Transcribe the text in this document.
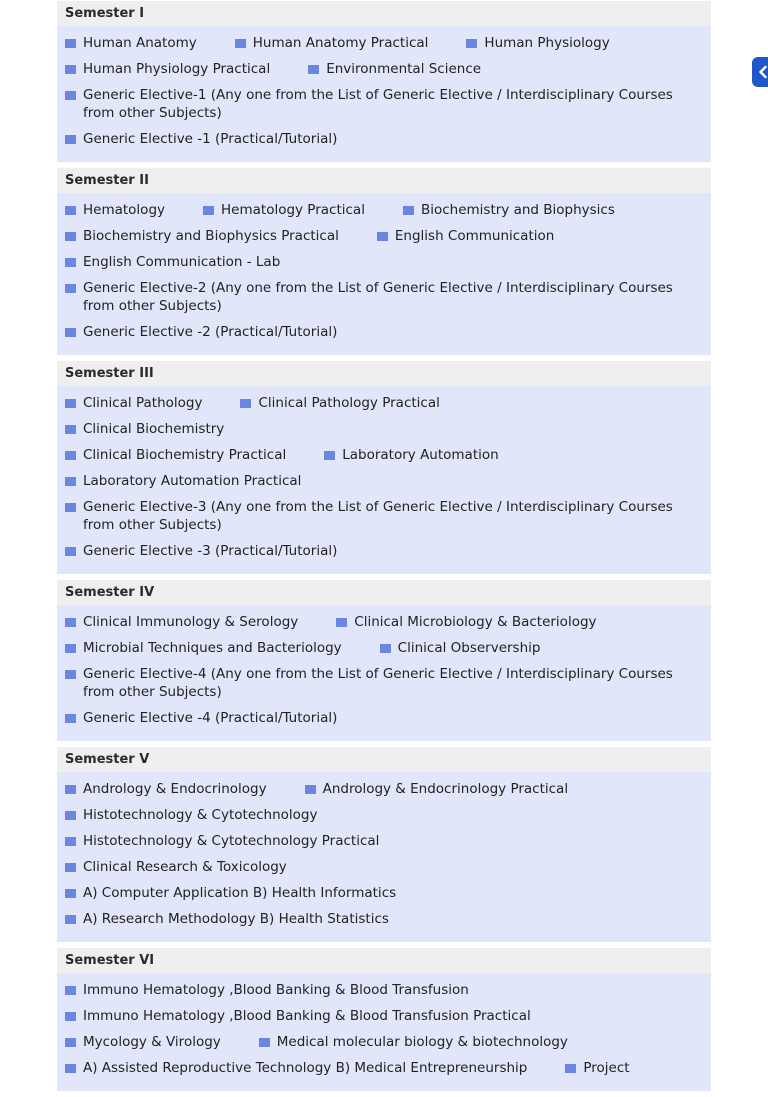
Semester I
Human Anatomy	Human Anatomy Practical	Human Physiology
Human Physiology Practical	Environmental Science
Generic Elective-1 (Any one from the List of Generic Elective / Interdisciplinary Courses from other Subjects)
Generic Elective -1 (Practical/Tutorial)
Semester II
Hematology	Hematology Practical	Biochemistry and Biophysics
Biochemistry and Biophysics Practical	English Communication
English Communication - Lab
Generic Elective-2 (Any one from the List of Generic Elective / Interdisciplinary Courses from other Subjects)
Generic Elective -2 (Practical/Tutorial)
Semester III
Clinical Pathology	Clinical Pathology Practical
Clinical Biochemistry
Clinical Biochemistry Practical	Laboratory Automation
Laboratory Automation Practical
Generic Elective-3 (Any one from the List of Generic Elective / Interdisciplinary Courses from other Subjects)
Generic Elective -3 (Practical/Tutorial)
Semester IV
Clinical Immunology & Serology	Clinical Microbiology & Bacteriology
Microbial Techniques and Bacteriology	Clinical Observership
Generic Elective-4 (Any one from the List of Generic Elective / Interdisciplinary Courses from other Subjects)
Generic Elective -4 (Practical/Tutorial)
Semester V
Andrology & Endocrinology	Andrology & Endocrinology Practical
Histotechnology & Cytotechnology
Histotechnology & Cytotechnology Practical
Clinical Research & Toxicology
A) Computer Application B) Health Informatics
A) Research Methodology B) Health Statistics
Semester VI
Immuno Hematology ,Blood Banking & Blood Transfusion
Immuno Hematology ,Blood Banking & Blood Transfusion Practical
Mycology & Virology	Medical molecular biology & biotechnology
A) Assisted Reproductive Technology B) Medical Entrepreneurship	Project
